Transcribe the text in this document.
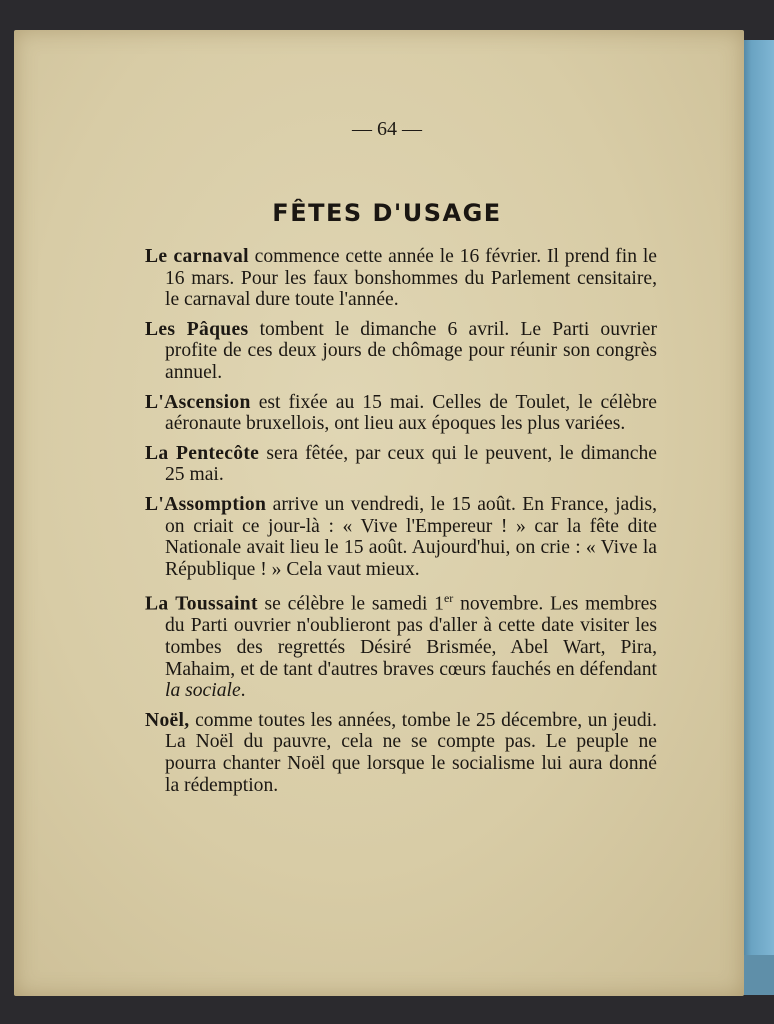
— 64 —
FÊTES D'USAGE

Le carnaval commence cette année le 16 février. Il prend fin le 16 mars. Pour les faux bonshommes du Parlement censitaire, le carnaval dure toute l'année.

Les Pâques tombent le dimanche 6 avril. Le Parti ouvrier profite de ces deux jours de chômage pour réunir son congrès annuel.

L'Ascension est fixée au 15 mai. Celles de Toulet, le célèbre aéronaute bruxellois, ont lieu aux époques les plus variées.

La Pentecôte sera fêtée, par ceux qui le peuvent, le dimanche 25 mai.

L'Assomption arrive un vendredi, le 15 août. En France, jadis, on criait ce jour-là : « Vive l'Empereur ! » car la fête dite Nationale avait lieu le 15 août. Aujourd'hui, on crie : « Vive la République ! » Cela vaut mieux.

La Toussaint se célèbre le samedi 1er novembre. Les membres du Parti ouvrier n'oublieront pas d'aller à cette date visiter les tombes des regrettés Désiré Brismée, Abel Wart, Pira, Mahaim, et de tant d'autres braves cœurs fauchés en défendant la sociale.

Noël, comme toutes les années, tombe le 25 décembre, un jeudi. La Noël du pauvre, cela ne se compte pas. Le peuple ne pourra chanter Noël que lorsque le socialisme lui aura donné la rédemption.
